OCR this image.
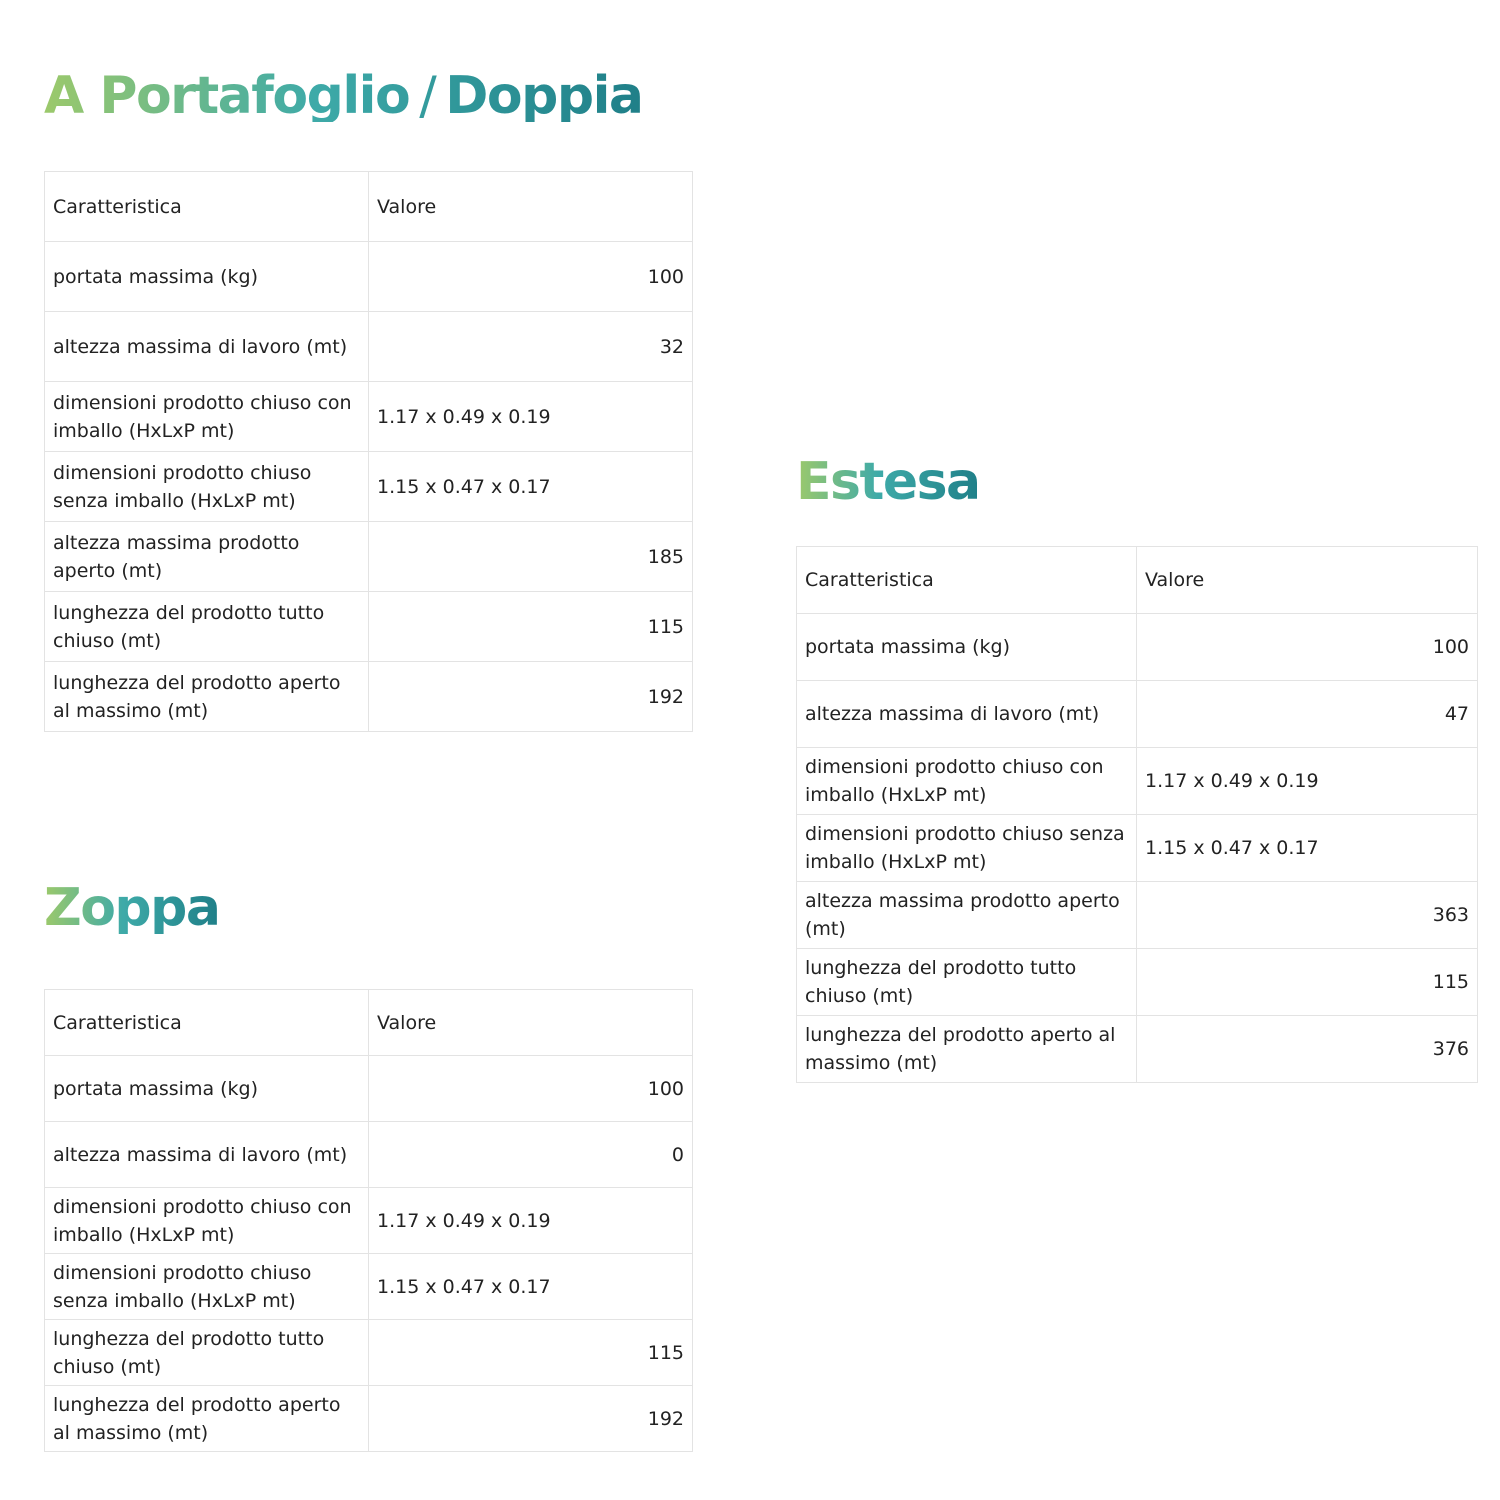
A Portafoglio / Doppia
Caratteristica	Valore
portata massima (kg)	100
altezza massima di lavoro (mt)	32
dimensioni prodotto chiuso con imballo (HxLxP mt)	1.17 x 0.49 x 0.19
dimensioni prodotto chiuso senza imballo (HxLxP mt)	1.15 x 0.47 x 0.17
altezza massima prodotto aperto (mt)	185
lunghezza del prodotto tutto chiuso (mt)	115
lunghezza del prodotto aperto al massimo (mt)	192
Zoppa
Caratteristica	Valore
portata massima (kg)	100
altezza massima di lavoro (mt)	0
dimensioni prodotto chiuso con imballo (HxLxP mt)	1.17 x 0.49 x 0.19
dimensioni prodotto chiuso senza imballo (HxLxP mt)	1.15 x 0.47 x 0.17
lunghezza del prodotto tutto chiuso (mt)	115
lunghezza del prodotto aperto al massimo (mt)	192
Estesa
Caratteristica	Valore
portata massima (kg)	100
altezza massima di lavoro (mt)	47
dimensioni prodotto chiuso con imballo (HxLxP mt)	1.17 x 0.49 x 0.19
dimensioni prodotto chiuso senza imballo (HxLxP mt)	1.15 x 0.47 x 0.17
altezza massima prodotto aperto (mt)	363
lunghezza del prodotto tutto chiuso (mt)	115
lunghezza del prodotto aperto al massimo (mt)	376
